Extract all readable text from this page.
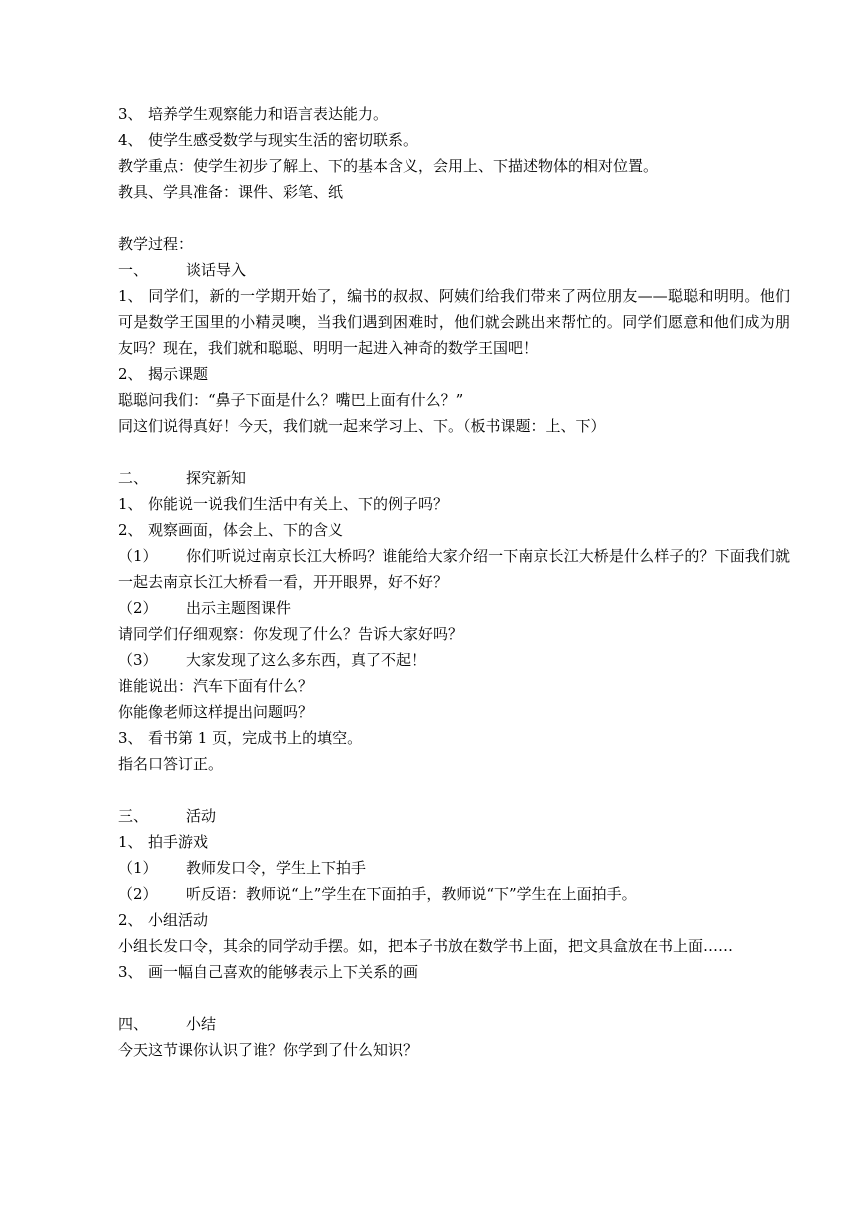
3、 培养学生观察能力和语言表达能力。
4、 使学生感受数学与现实生活的密切联系。
教学重点：使学生初步了解上、下的基本含义，会用上、下描述物体的相对位置。
教具、学具准备：课件、彩笔、纸
教学过程：
一、	谈话导入
1、 同学们，新的一学期开始了，编书的叔叔、阿姨们给我们带来了两位朋友——聪聪和明明。他们可是数学王国里的小精灵噢，当我们遇到困难时，他们就会跳出来帮忙的。同学们愿意和他们成为朋友吗？现在，我们就和聪聪、明明一起进入神奇的数学王国吧！
2、 揭示课题
聪聪问我们：“鼻子下面是什么？嘴巴上面有什么？”
同这们说得真好！今天，我们就一起来学习上、下。（板书课题：上、下）
二、	探究新知
1、 你能说一说我们生活中有关上、下的例子吗？
2、 观察画面，体会上、下的含义
（1） 你们听说过南京长江大桥吗？谁能给大家介绍一下南京长江大桥是什么样子的？下面我们就一起去南京长江大桥看一看，开开眼界，好不好？
（2） 出示主题图课件
请同学们仔细观察：你发现了什么？告诉大家好吗？
（3） 大家发现了这么多东西，真了不起！
谁能说出：汽车下面有什么？
你能像老师这样提出问题吗？
3、 看书第 1 页，完成书上的填空。
指名口答订正。
三、	活动
1、 拍手游戏
（1） 教师发口令，学生上下拍手
（2） 听反语：教师说“上”学生在下面拍手，教师说“下”学生在上面拍手。
2、 小组活动
小组长发口令，其余的同学动手摆。如，把本子书放在数学书上面，把文具盒放在书上面……
3、 画一幅自己喜欢的能够表示上下关系的画
四、	小结
今天这节课你认识了谁？你学到了什么知识？
